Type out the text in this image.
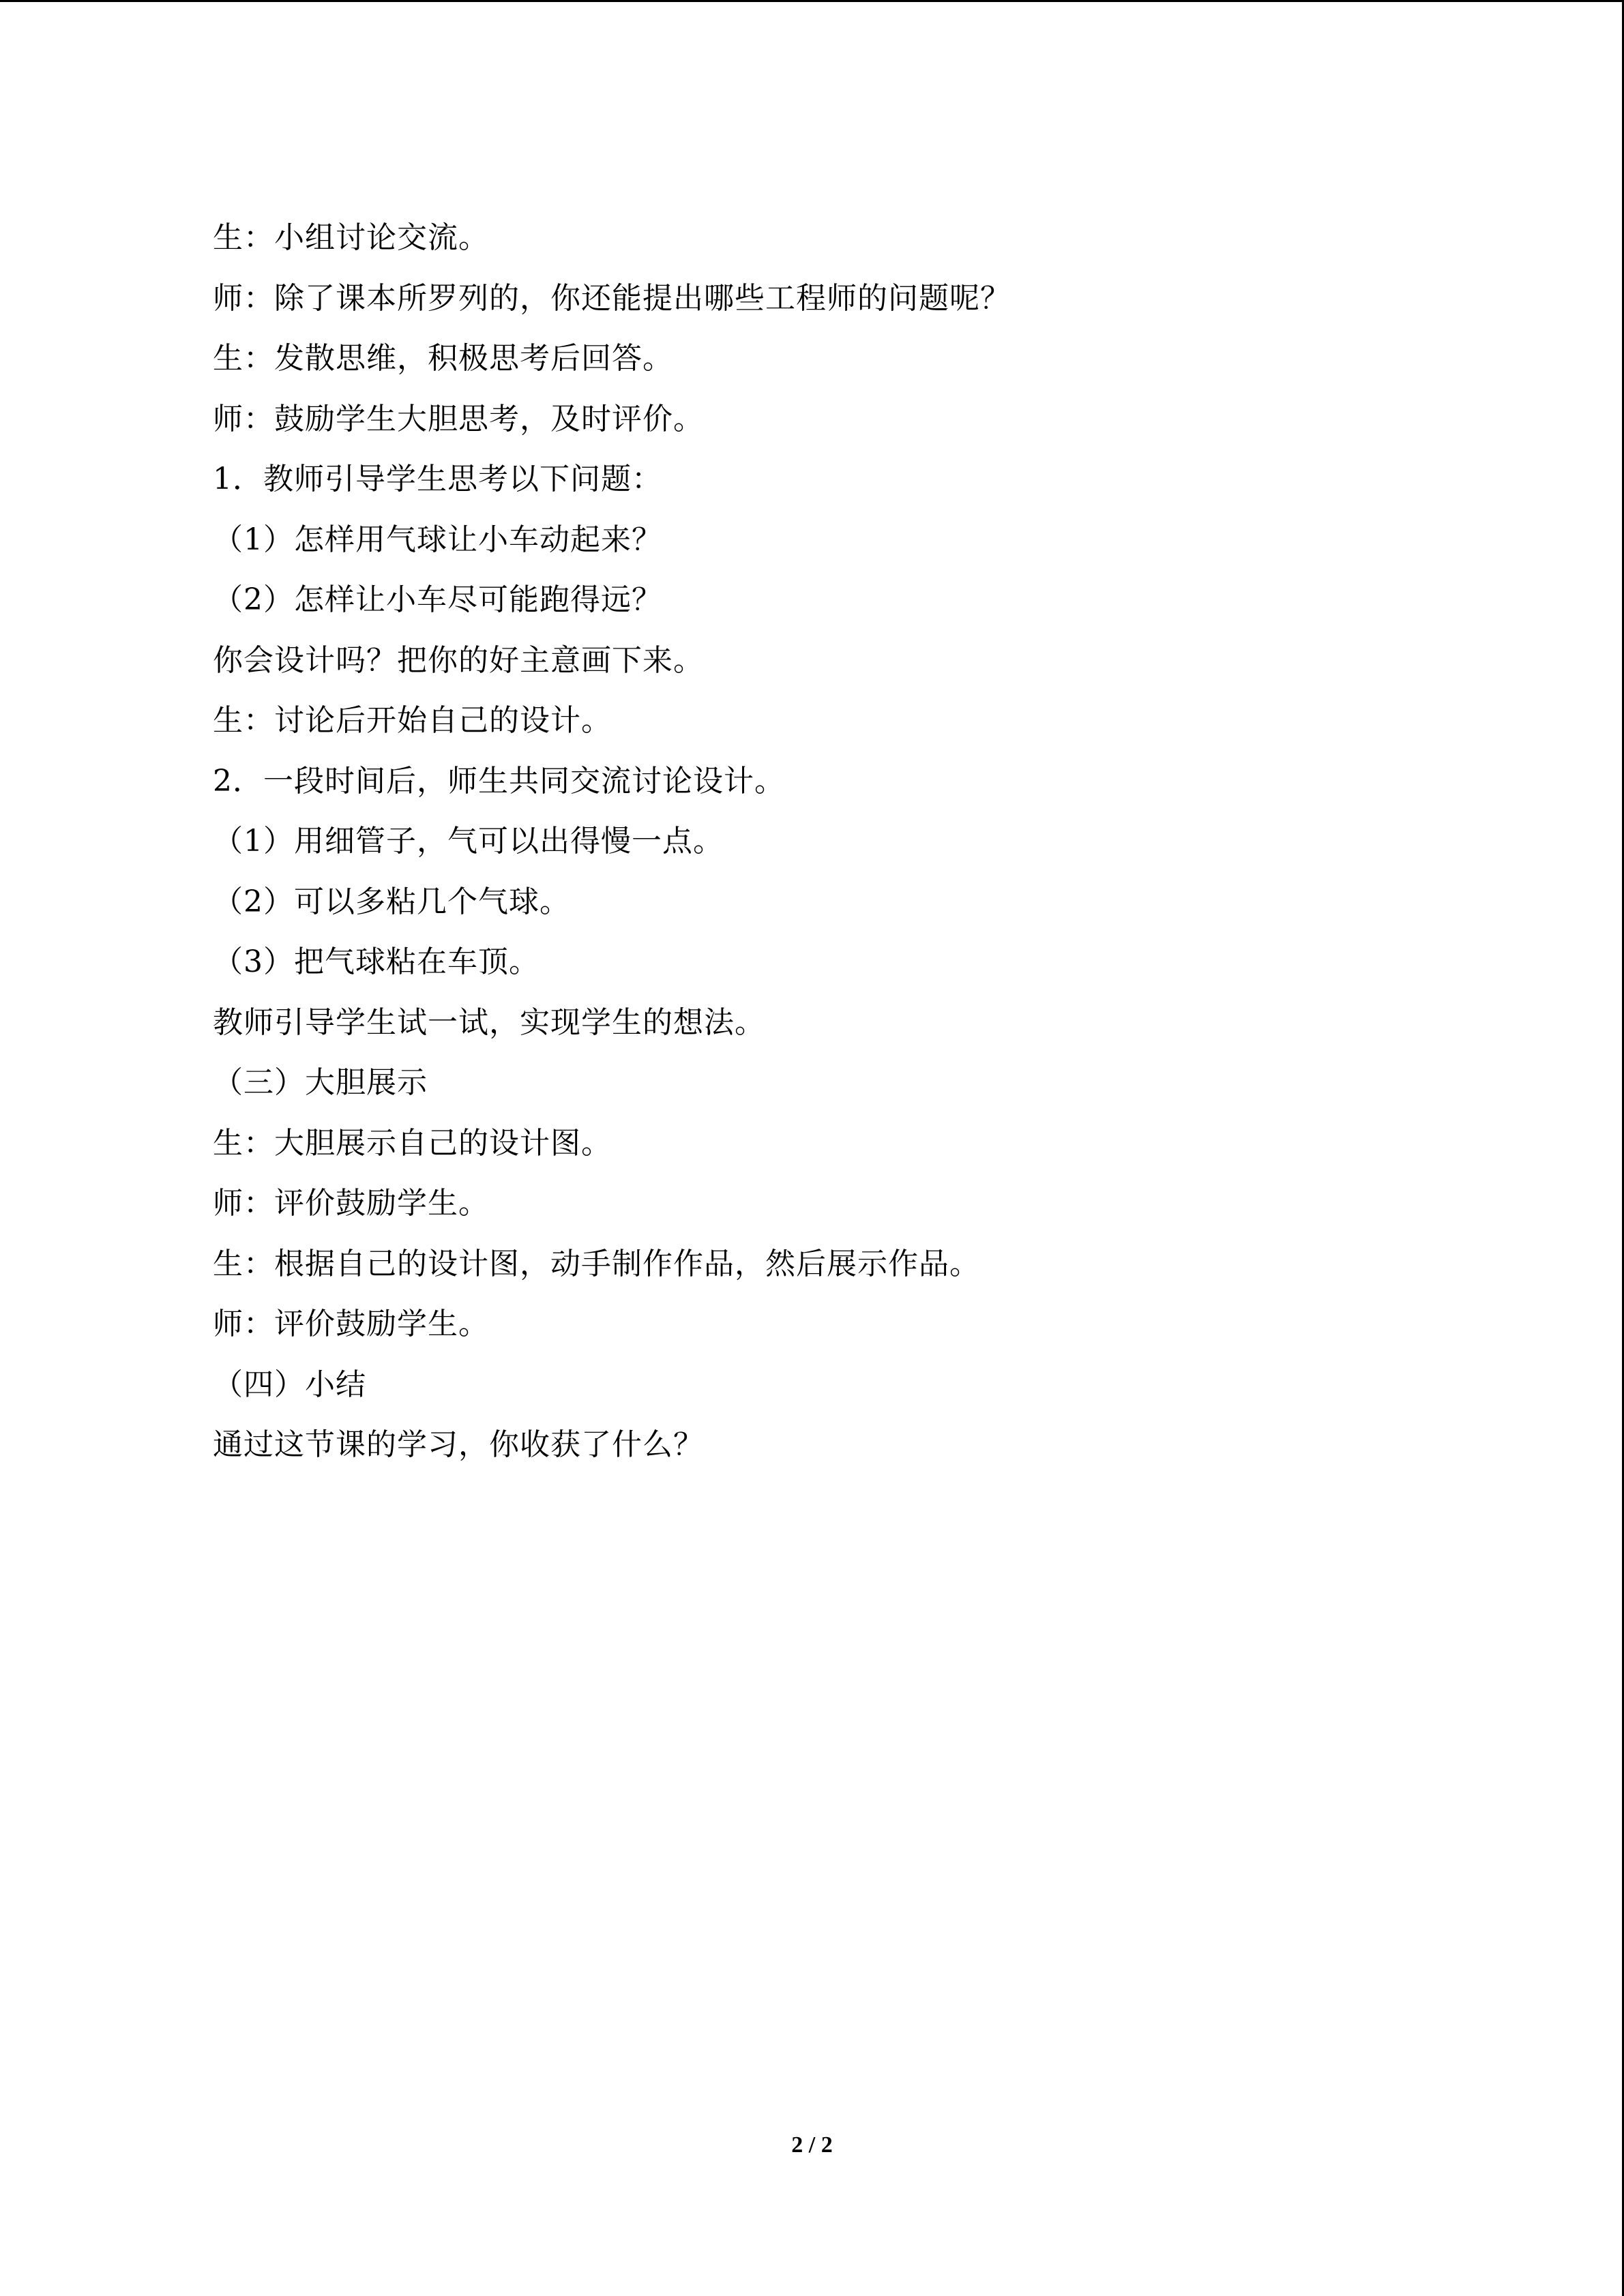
生：小组讨论交流。
师：除了课本所罗列的，你还能提出哪些工程师的问题呢？
生：发散思维，积极思考后回答。
师：鼓励学生大胆思考，及时评价。
1．教师引导学生思考以下问题：
（1）怎样用气球让小车动起来？
（2）怎样让小车尽可能跑得远？
你会设计吗？把你的好主意画下来。
生：讨论后开始自己的设计。
2．一段时间后，师生共同交流讨论设计。
（1）用细管子，气可以出得慢一点。
（2）可以多粘几个气球。
（3）把气球粘在车顶。
教师引导学生试一试，实现学生的想法。
（三）大胆展示
生：大胆展示自己的设计图。
师：评价鼓励学生。
生：根据自己的设计图，动手制作作品，然后展示作品。
师：评价鼓励学生。
（四）小结
通过这节课的学习，你收获了什么？
2 / 2
